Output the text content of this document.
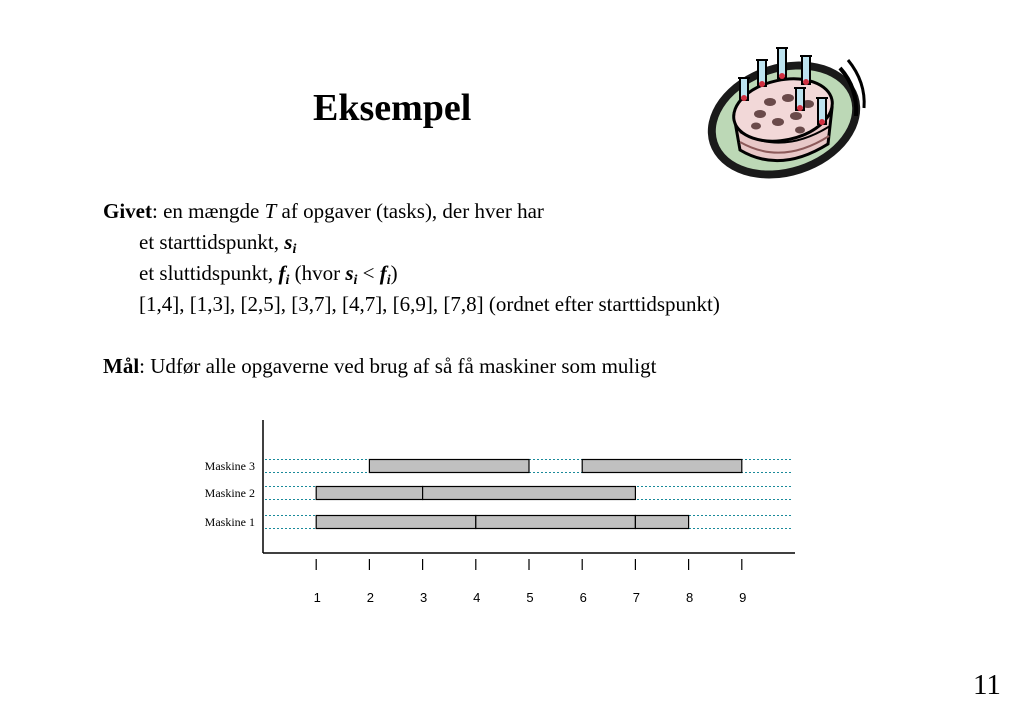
Eksempel
Givet: en mængde T af opgaver (tasks), der hver har
et starttidspunkt, $s_i$
et sluttidspunkt, $f_i$ (hvor $s_i < f_i$)
[1,4], [1,3], [2,5], [3,7], [4,7], [6,9], [7,8] (ordnet efter starttidspunkt)
Mål: Udfør alle opgaverne ved brug af så få maskiner som muligt
Maskine 3
Maskine 2
Maskine 1
1	2	3	4	5	6	7	8	9
11
